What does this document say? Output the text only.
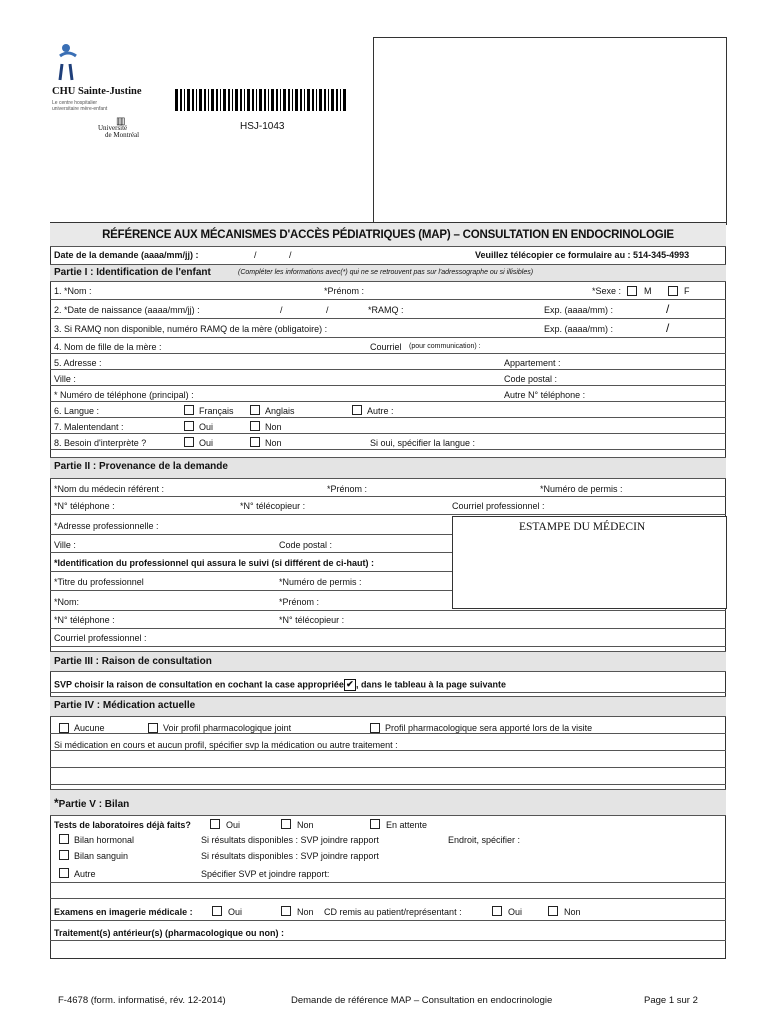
CHU Sainte-Justine
Le centre hospitalier
universitaire mère-enfant
▥
Université
de Montréal
HSJ-1043
RÉFÉRENCE AUX MÉCANISMES D'ACCÈS PÉDIATRIQUES (MAP) – CONSULTATION EN ENDOCRINOLOGIE
Date de la demande (aaaa/mm/jj) :	/	/	Veuillez télécopier ce formulaire au : 514-345-4993
Partie I : Identification de l'enfant	(Compléter les informations avec(*) qui ne se retrouvent pas sur l'adressographe ou si illisibles)
1. *Nom :	*Prénom :	*Sexe :	M	F
2. *Date de naissance (aaaa/mm/jj) :	/	/	*RAMQ :	Exp. (aaaa/mm) :	/
3. Si RAMQ non disponible, numéro RAMQ de la mère (obligatoire) :	Exp. (aaaa/mm) :	/
4. Nom de fille de la mère :	Courriel (pour communication) :
5. Adresse :	Appartement :
Ville :	Code postal :
* Numéro de téléphone (principal) :	Autre N° téléphone :
6. Langue :	Français	Anglais	Autre :
7. Malentendant :	Oui	Non
8. Besoin d'interprète ?	Oui	Non	Si oui, spécifier la langue :
Partie II : Provenance de la demande
*Nom du médecin référent :	*Prénom :	*Numéro de permis :
*N° téléphone :	*N° télécopieur :	Courriel professionnel :
ESTAMPE DU MÉDECIN
*Adresse professionnelle :
Ville :	Code postal :
*Identification du professionnel qui assura le suivi (si différent de ci-haut) :
*Titre du professionnel	*Numéro de permis :
*Nom:	*Prénom :
*N° téléphone :	*N° télécopieur :
Courriel professionnel :
Partie III : Raison de consultation
SVP choisir la raison de consultation en cochant la case appropriée ✔ , dans le tableau à la page suivante
Partie IV : Médication actuelle
Aucune	Voir profil pharmacologique joint	Profil pharmacologique sera apporté lors de la visite
Si médication en cours et aucun profil, spécifier svp la médication ou autre traitement :
*Partie V : Bilan
Tests de laboratoires déjà faits?	Oui	Non	En attente
Bilan hormonal	Si résultats disponibles : SVP joindre rapport	Endroit, spécifier :
Bilan sanguin	Si résultats disponibles : SVP joindre rapport
Autre	Spécifier SVP et joindre rapport:
Examens en imagerie médicale :	Oui	Non CD remis au patient/représentant :	Oui	Non
Traitement(s) antérieur(s) (pharmacologique ou non) :
F-4678 (form. informatisé, rév. 12-2014)	Demande de référence MAP – Consultation en endocrinologie	Page 1 sur 2
